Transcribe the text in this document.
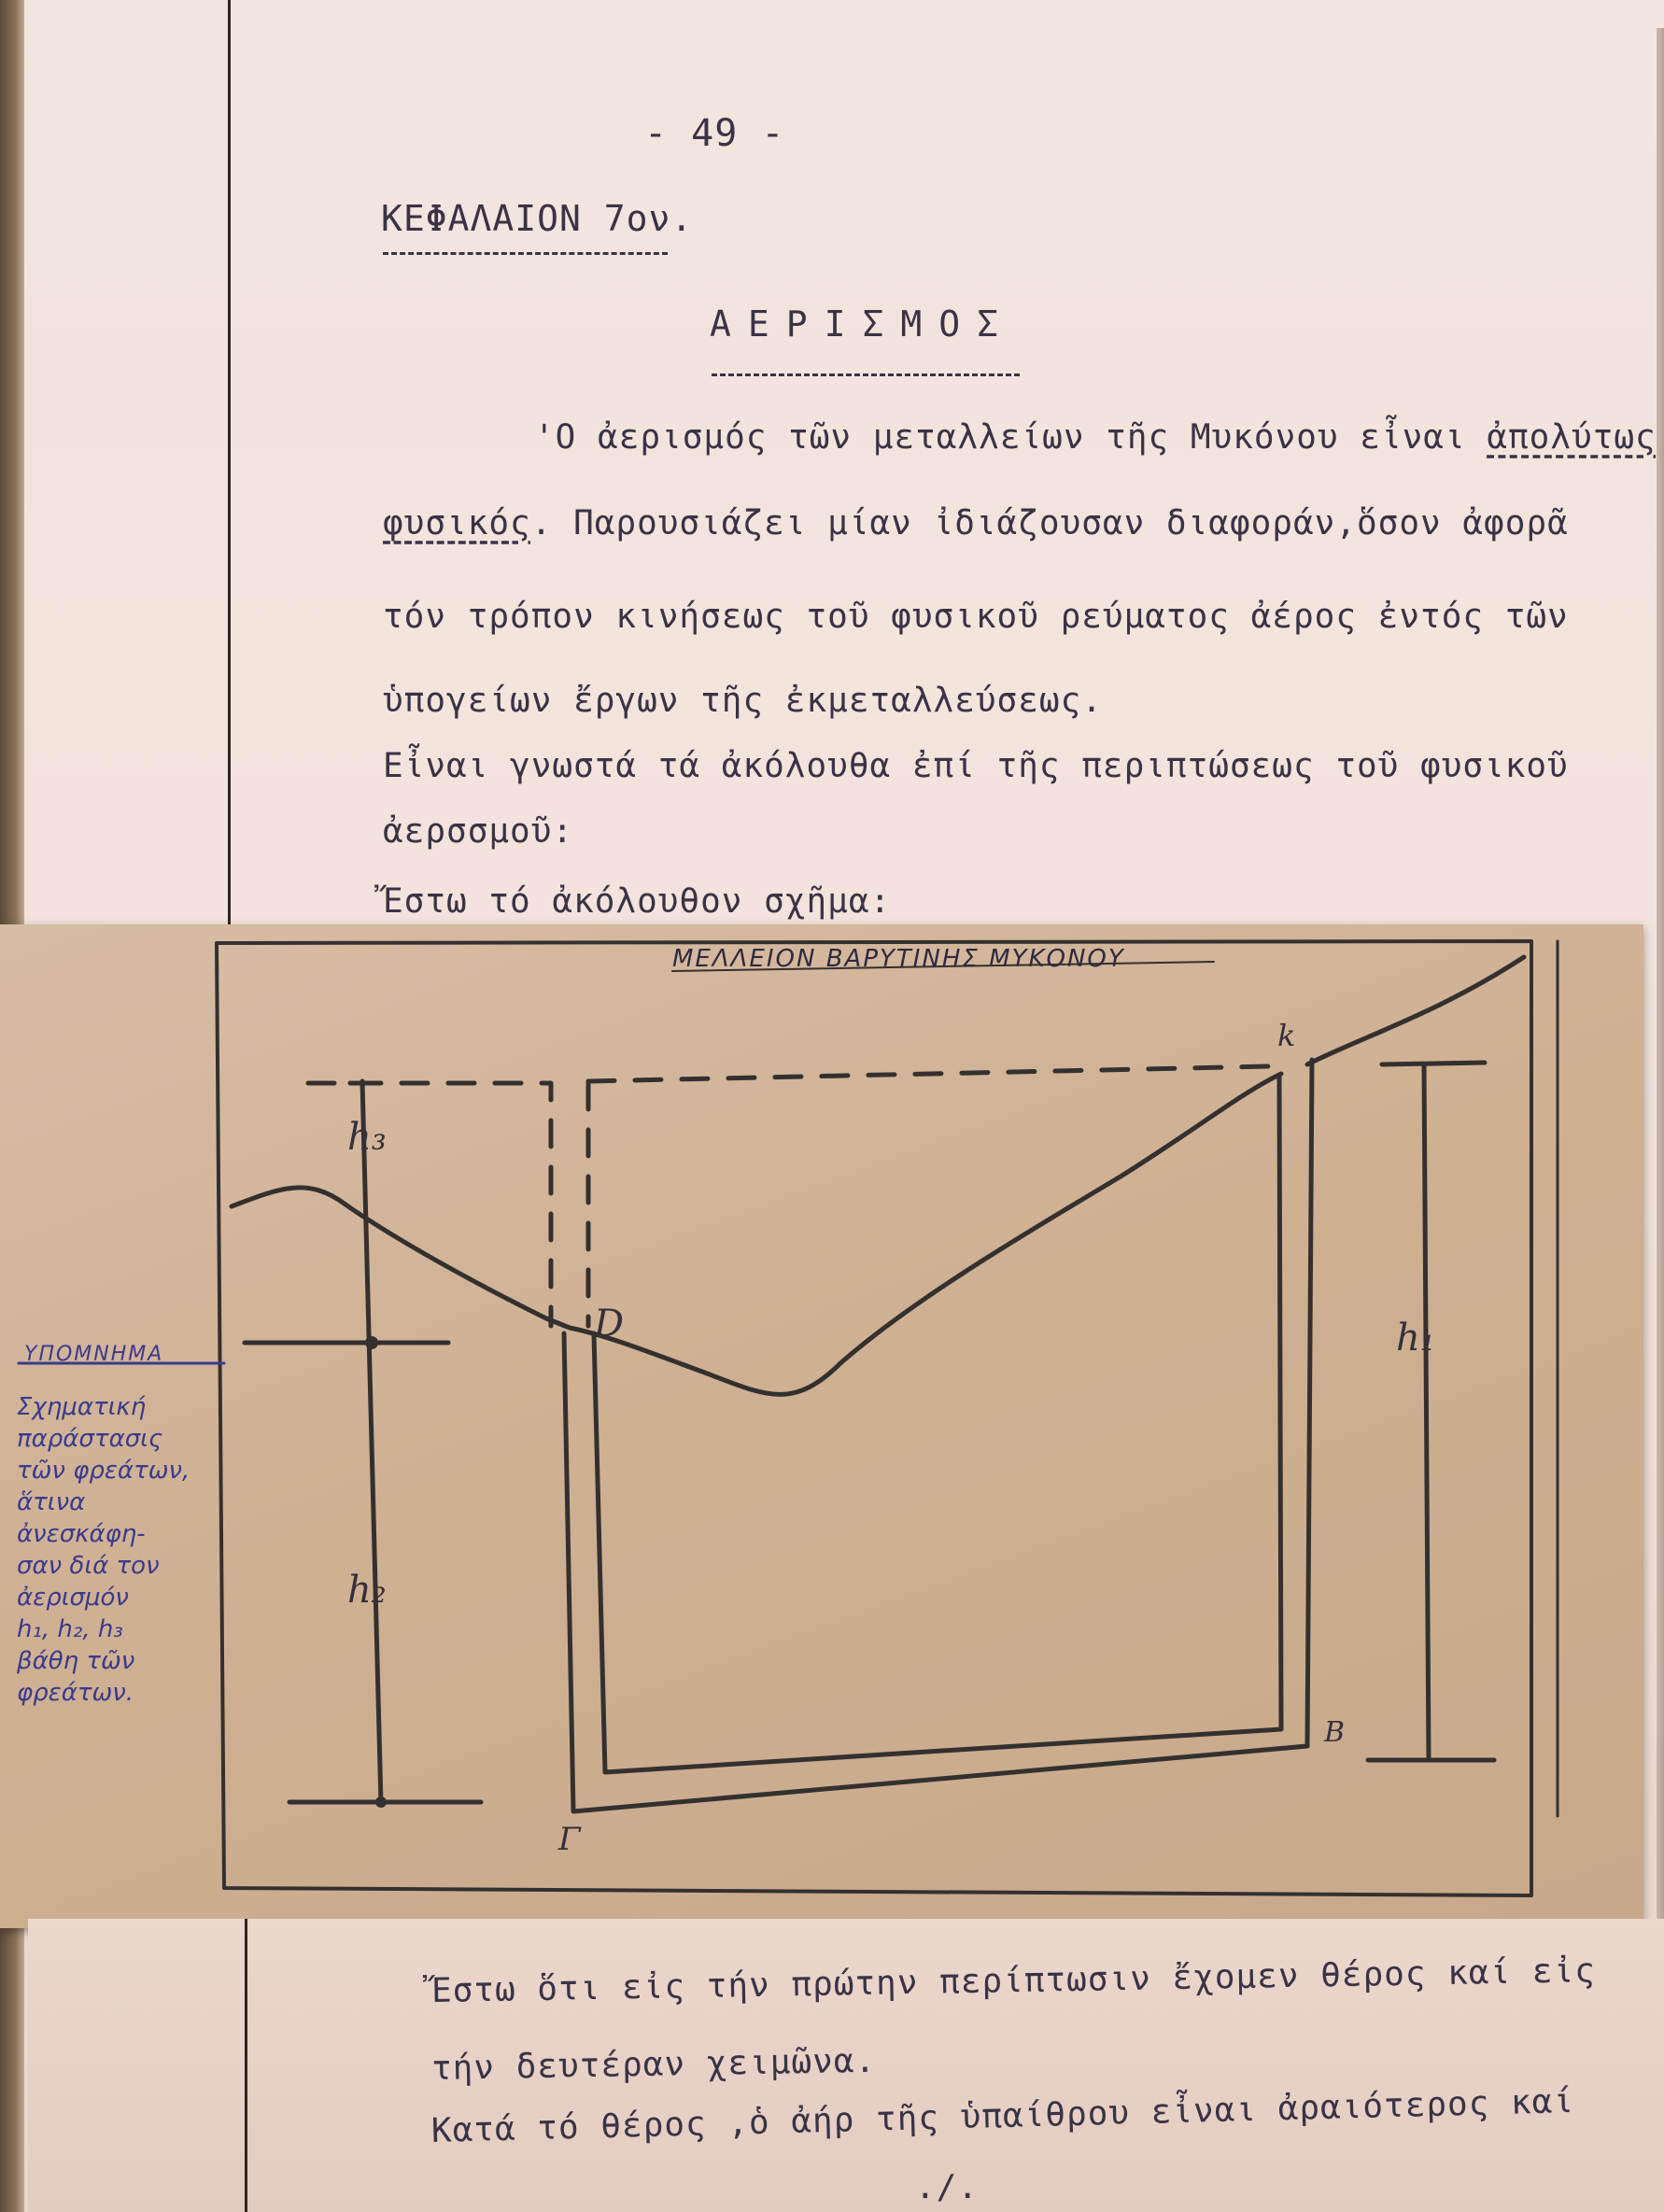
- 49 -
ΚΕΦΑΛΑΙΟΝ 7ον.
ΑΕΡΙΣΜΟΣ
'Ο ἀερισμός τῶν μεταλλείων τῆς Μυκόνου εἶναι ἀπολύτως
φυσικός. Παρουσιάζει μίαν ἰδιάζουσαν διαφοράν,ὅσον ἀφορᾶ
τόν τρόπον κινήσεως τοῦ φυσικοῦ ρεύματος ἀέρος ἐντός τῶν
ὑπογείων ἔργων τῆς ἐκμεταλλεύσεως.
Εἶναι γνωστά τά ἀκόλουθα ἐπί τῆς περιπτώσεως τοῦ φυσικοῦ
ἀερσσμοῦ:
Ἔστω τό ἀκόλουθον σχῆμα:
ΜΕΛΛΕΙΟΝ ΒΑΡΥΤΙΝΗΣ ΜΥΚΟΝΟΥ
ΥΠΟΜΝΗΜΑ
Σχηματική
παράστασις
τῶν φρεάτων,
ἅτινα ἀνεσκάφη-
σαν διά τον
ἀερισμόν
h₁, h₂, h₃
βάθη τῶν
φρεάτων.
h₃
h₂
h₁
D
k
B
Γ
Ἔστω ὅτι εἰς τήν πρώτην περίπτωσιν ἔχομεν θέρος καί εἰς
τήν δευτέραν χειμῶνα.
Κατά τό θέρος ,ὁ ἀήρ τῆς ὑπαίθρου εἶναι ἀραιότερος καί
./.
